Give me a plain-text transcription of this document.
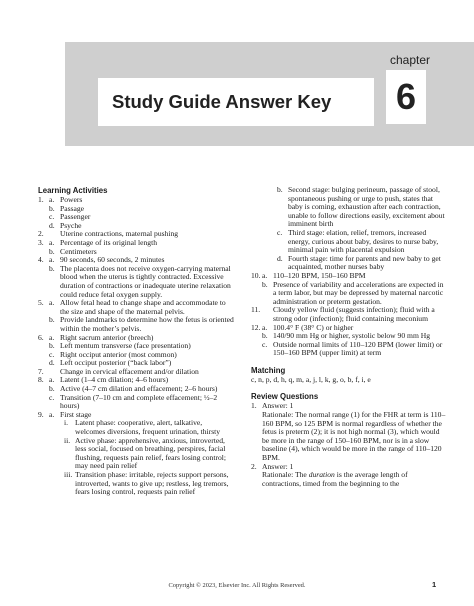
Study Guide Answer Key
chapter
6
Learning Activities
1. a. Powers
b. Passage
c. Passenger
d. Psyche
2. Uterine contractions, maternal pushing
3. a. Percentage of its original length
b. Centimeters
4. a. 90 seconds, 60 seconds, 2 minutes
b. The placenta does not receive oxygen-carrying maternal blood when the uterus is tightly contracted. Excessive duration of contractions or inadequate uterine relaxation could reduce fetal oxygen supply.
5. a. Allow fetal head to change shape and accommodate to the size and shape of the maternal pelvis.
b. Provide landmarks to determine how the fetus is oriented within the mother’s pelvis.
6. a. Right sacrum anterior (breech)
b. Left mentum transverse (face presentation)
c. Right occiput anterior (most common)
d. Left occiput posterior (“back labor”)
7. Change in cervical effacement and/or dilation
8. a. Latent (1–4 cm dilation; 4–6 hours)
b. Active (4–7 cm dilation and effacement; 2–6 hours)
c. Transition (7–10 cm and complete effacement; ½–2 hours)
9. a. First stage
i. Latent phase: cooperative, alert, talkative, welcomes diversions, frequent urination, thirsty
ii. Active phase: apprehensive, anxious, introverted, less social, focused on breathing, perspires, facial flushing, requests pain relief, fears losing control; may need pain relief
iii. Transition phase: irritable, rejects support persons, introverted, wants to give up; restless, leg tremors, fears losing control, requests pain relief
b. Second stage: bulging perineum, passage of stool, spontaneous pushing or urge to push, states that baby is coming, exhaustion after each contraction, unable to follow directions easily, excitement about imminent birth
c. Third stage: elation, relief, tremors, increased energy, curious about baby, desires to nurse baby, minimal pain with placental expulsion
d. Fourth stage: time for parents and new baby to get acquainted, mother nurses baby
10. a. 110–120 BPM, 150–160 BPM
b. Presence of variability and accelerations are expected in a term labor, but may be depressed by maternal narcotic administration or preterm gestation.
11. Cloudy yellow fluid (suggests infection); fluid with a strong odor (infection); fluid containing meconium
12. a. 100.4° F (38° C) or higher
b. 140/90 mm Hg or higher, systolic below 90 mm Hg
c. Outside normal limits of 110–120 BPM (lower limit) or 150–160 BPM (upper limit) at term
Matching
c, n, p, d, h, q, m, a, j, l, k, g, o, b, f, i, e
Review Questions
1. Answer: 1
Rationale: The normal range (1) for the FHR at term is 110–160 BPM, so 125 BPM is normal regardless of whether the fetus is preterm (2); it is not high normal (3), which would be more in the range of 150–160 BPM, nor is in a slow baseline (4), which would be more in the range of 110–120 BPM.
2. Answer: 1
Rationale: The duration is the average length of contractions, timed from the beginning to the
Copyright © 2023, Elsevier Inc. All Rights Reserved.	1
